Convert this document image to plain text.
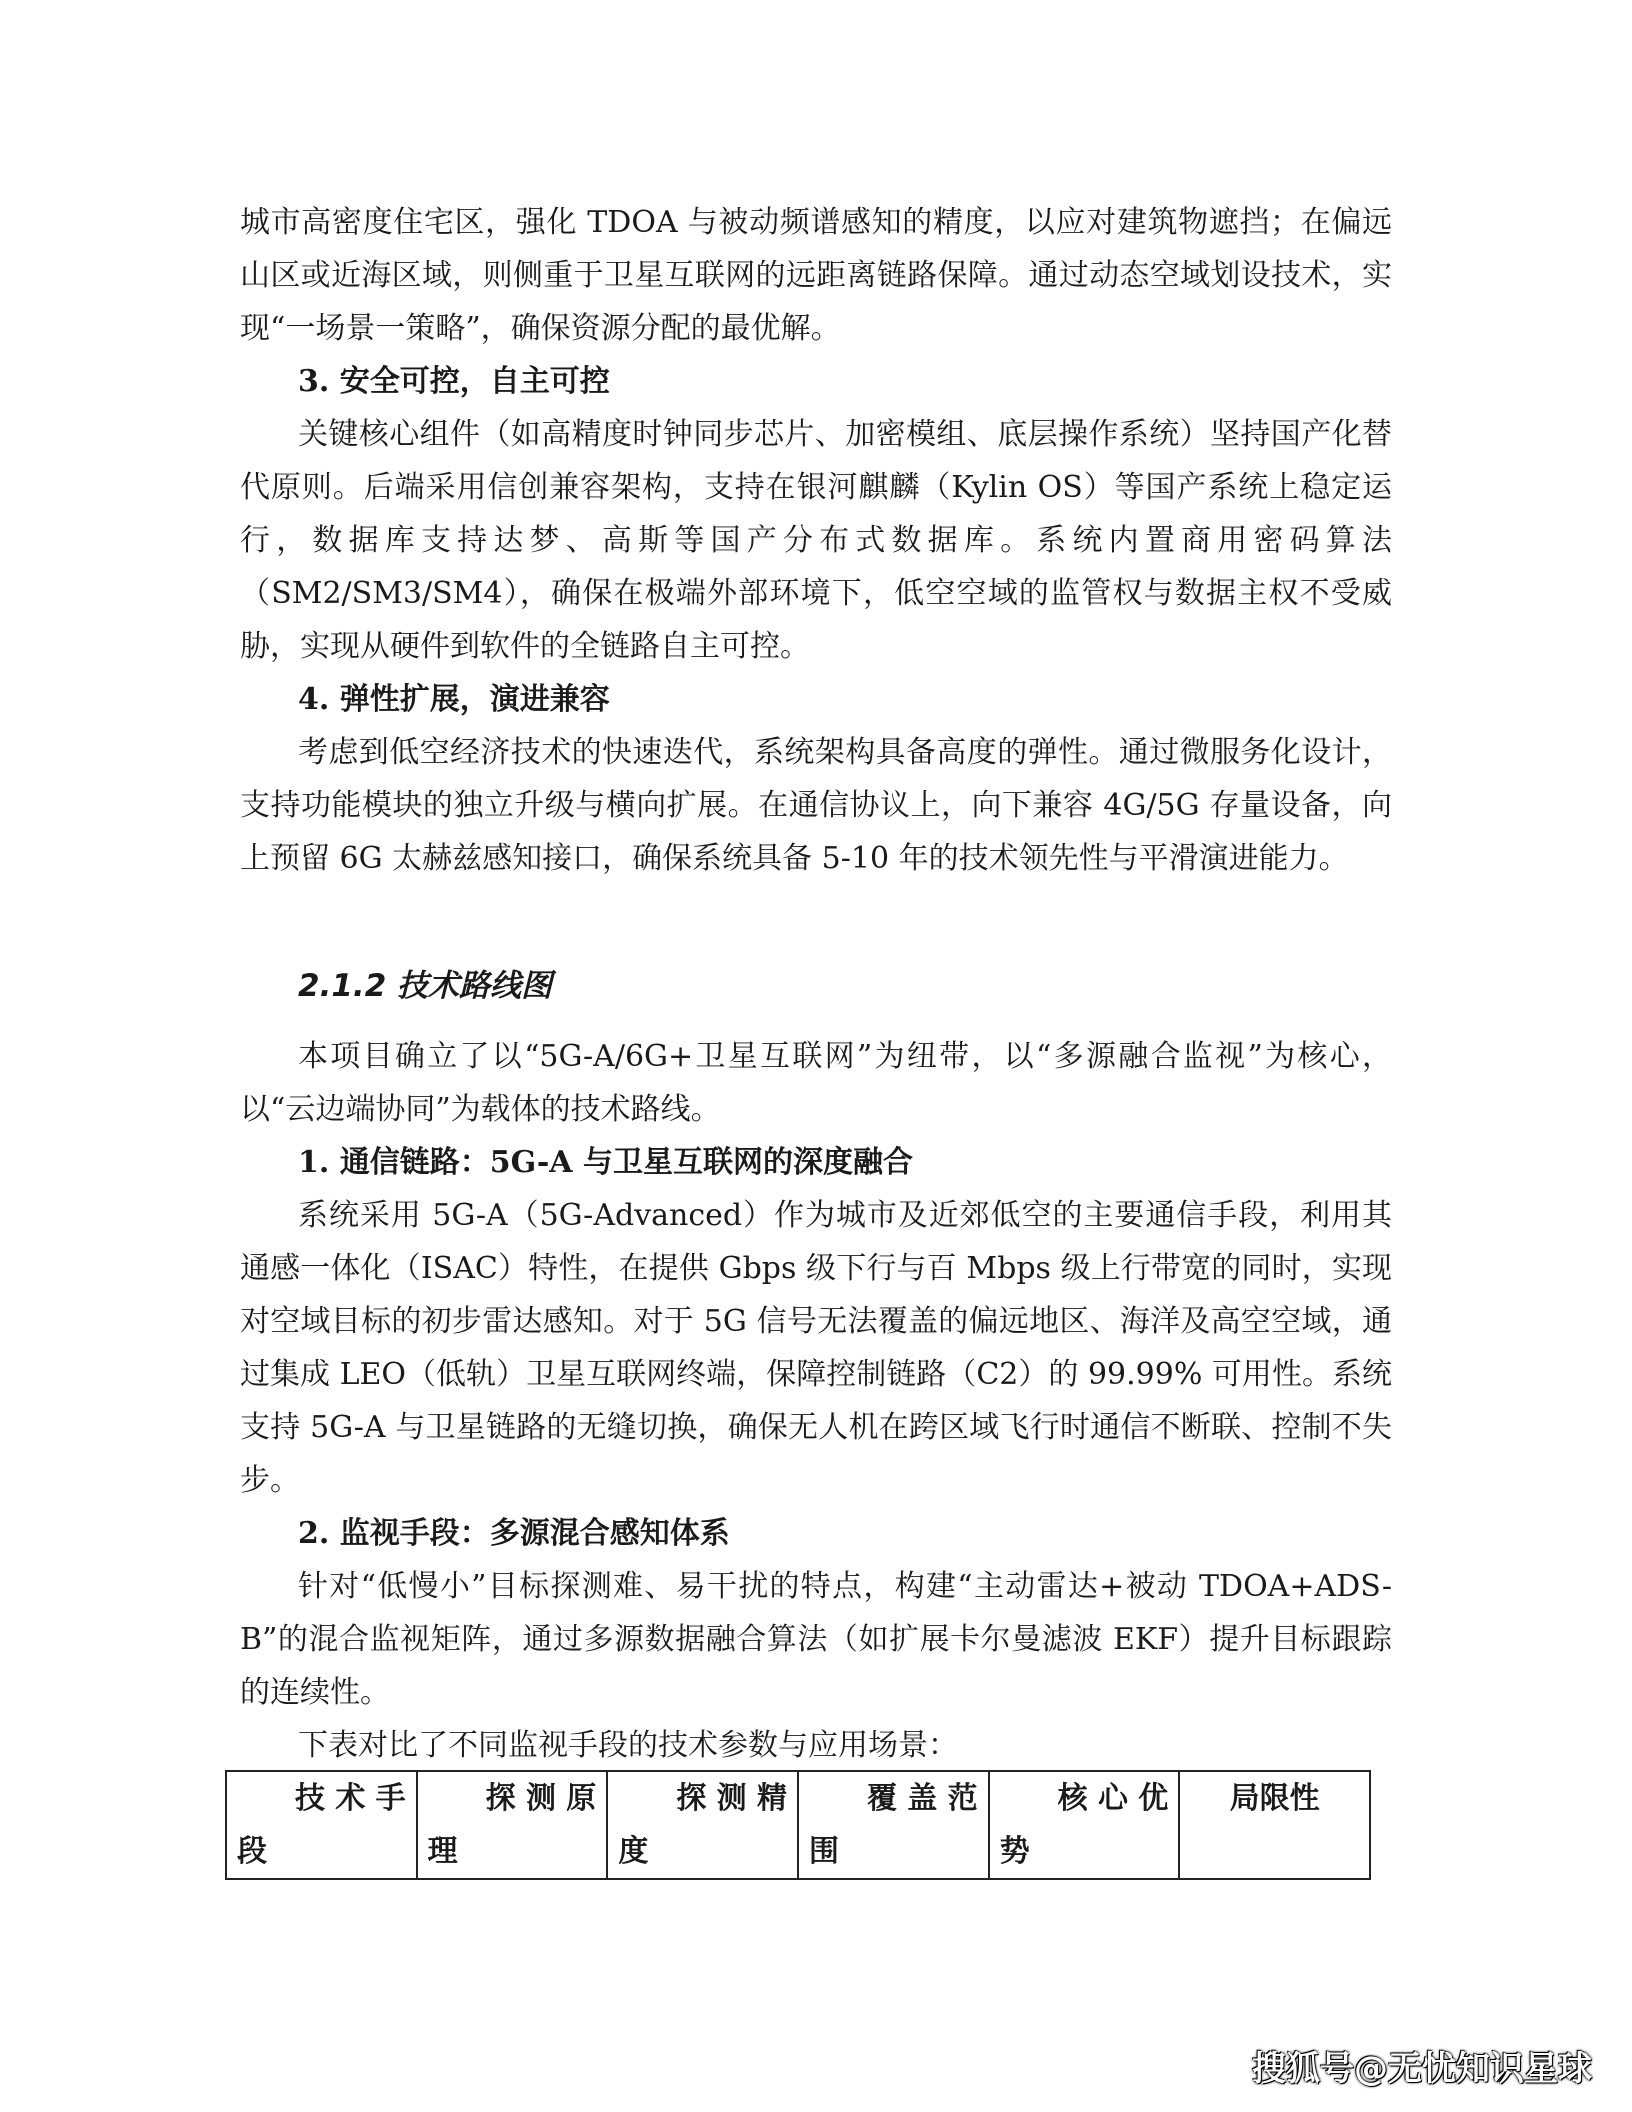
城市高密度住宅区，强化 TDOA 与被动频谱感知的精度，以应对建筑物遮挡；在偏远山区或近海区域，则侧重于卫星互联网的远距离链路保障。通过动态空域划设技术，实现“一场景一策略”，确保资源分配的最优解。

3. 安全可控，自主可控

关键核心组件（如高精度时钟同步芯片、加密模组、底层操作系统）坚持国产化替代原则。后端采用信创兼容架构，支持在银河麒麟（Kylin OS）等国产系统上稳定运行，数据库支持达梦、高斯等国产分布式数据库。系统内置商用密码算法（SM2/SM3/SM4），确保在极端外部环境下，低空空域的监管权与数据主权不受威胁，实现从硬件到软件的全链路自主可控。

4. 弹性扩展，演进兼容

考虑到低空经济技术的快速迭代，系统架构具备高度的弹性。通过微服务化设计，支持功能模块的独立升级与横向扩展。在通信协议上，向下兼容 4G/5G 存量设备，向上预留 6G 太赫兹感知接口，确保系统具备 5-10 年的技术领先性与平滑演进能力。

2.1.2 技术路线图

本项目确立了以“5G-A/6G+卫星互联网”为纽带，以“多源融合监视”为核心，以“云边端协同”为载体的技术路线。

1. 通信链路：5G-A 与卫星互联网的深度融合

系统采用 5G-A（5G-Advanced）作为城市及近郊低空的主要通信手段，利用其通感一体化（ISAC）特性，在提供 Gbps 级下行与百 Mbps 级上行带宽的同时，实现对空域目标的初步雷达感知。对于 5G 信号无法覆盖的偏远地区、海洋及高空空域，通过集成 LEO（低轨）卫星互联网终端，保障控制链路（C2）的 99.99% 可用性。系统支持 5G-A 与卫星链路的无缝切换，确保无人机在跨区域飞行时通信不断联、控制不失步。

2. 监视手段：多源混合感知体系

针对“低慢小”目标探测难、易干扰的特点，构建“主动雷达+被动 TDOA+ADS-B”的混合监视矩阵，通过多源数据融合算法（如扩展卡尔曼滤波 EKF）提升目标跟踪的连续性。

下表对比了不同监视手段的技术参数与应用场景：

技术手段	探测原理	探测精度	覆盖范围	核心优势	局限性
搜狐号@无忧知识星球
